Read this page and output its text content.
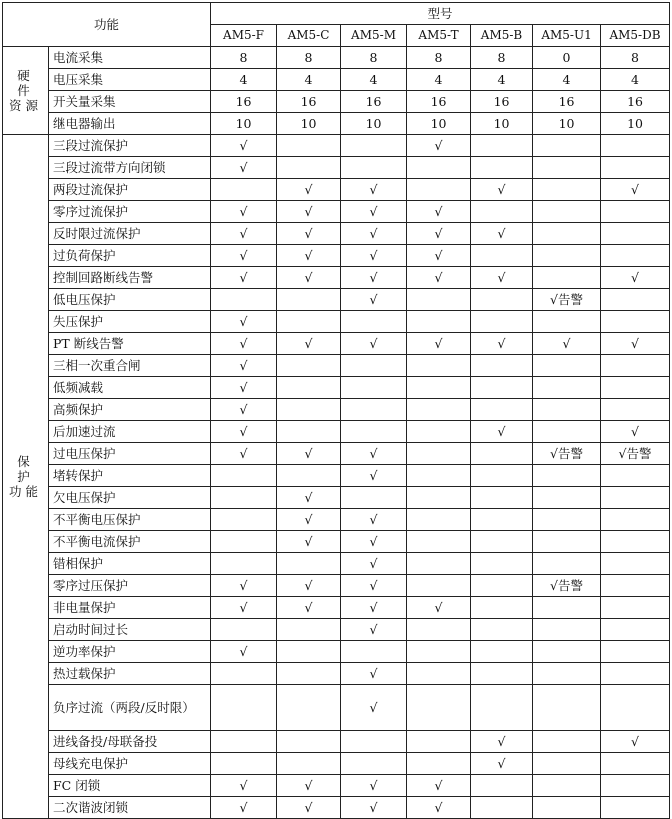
功能		型号						
		AM5-F	AM5-C	AM5-M	AM5-T	AM5-B	AM5-U1	AM5-DB
硬 件
资源	电流采集	8	8	8	8	8	0	8
	电压采集	4	4	4	4	4	4	4
	开关量采集	16	16	16	16	16	16	16
	继电器输出	10	10	10	10	10	10	10
保 护
功能	三段过流保护	√			√			
	三段过流带方向闭锁	√						
	两段过流保护		√	√		√		√
	零序过流保护	√	√	√	√			
	反时限过流保护	√	√	√	√	√		
	过负荷保护	√	√	√	√			
	控制回路断线告警	√	√	√	√	√		√
	低电压保护			√			√告警	
	失压保护	√						
	PT 断线告警	√	√	√	√	√	√	√
	三相一次重合闸	√						
	低频减载	√						
	高频保护	√						
	后加速过流	√				√		√
	过电压保护	√	√	√			√告警	√告警
	堵转保护			√				
	欠电压保护		√					
	不平衡电压保护		√	√				
	不平衡电流保护		√	√				
	错相保护			√				
	零序过压保护	√	√	√			√告警	
	非电量保护	√	√	√	√			
	启动时间过长			√				
	逆功率保护	√						
	热过载保护			√				
	负序过流（两段/反时限）			√				
	进线备投/母联备投					√		√
	母线充电保护					√		
	FC 闭锁	√	√	√	√			
	二次谐波闭锁	√	√	√	√			
